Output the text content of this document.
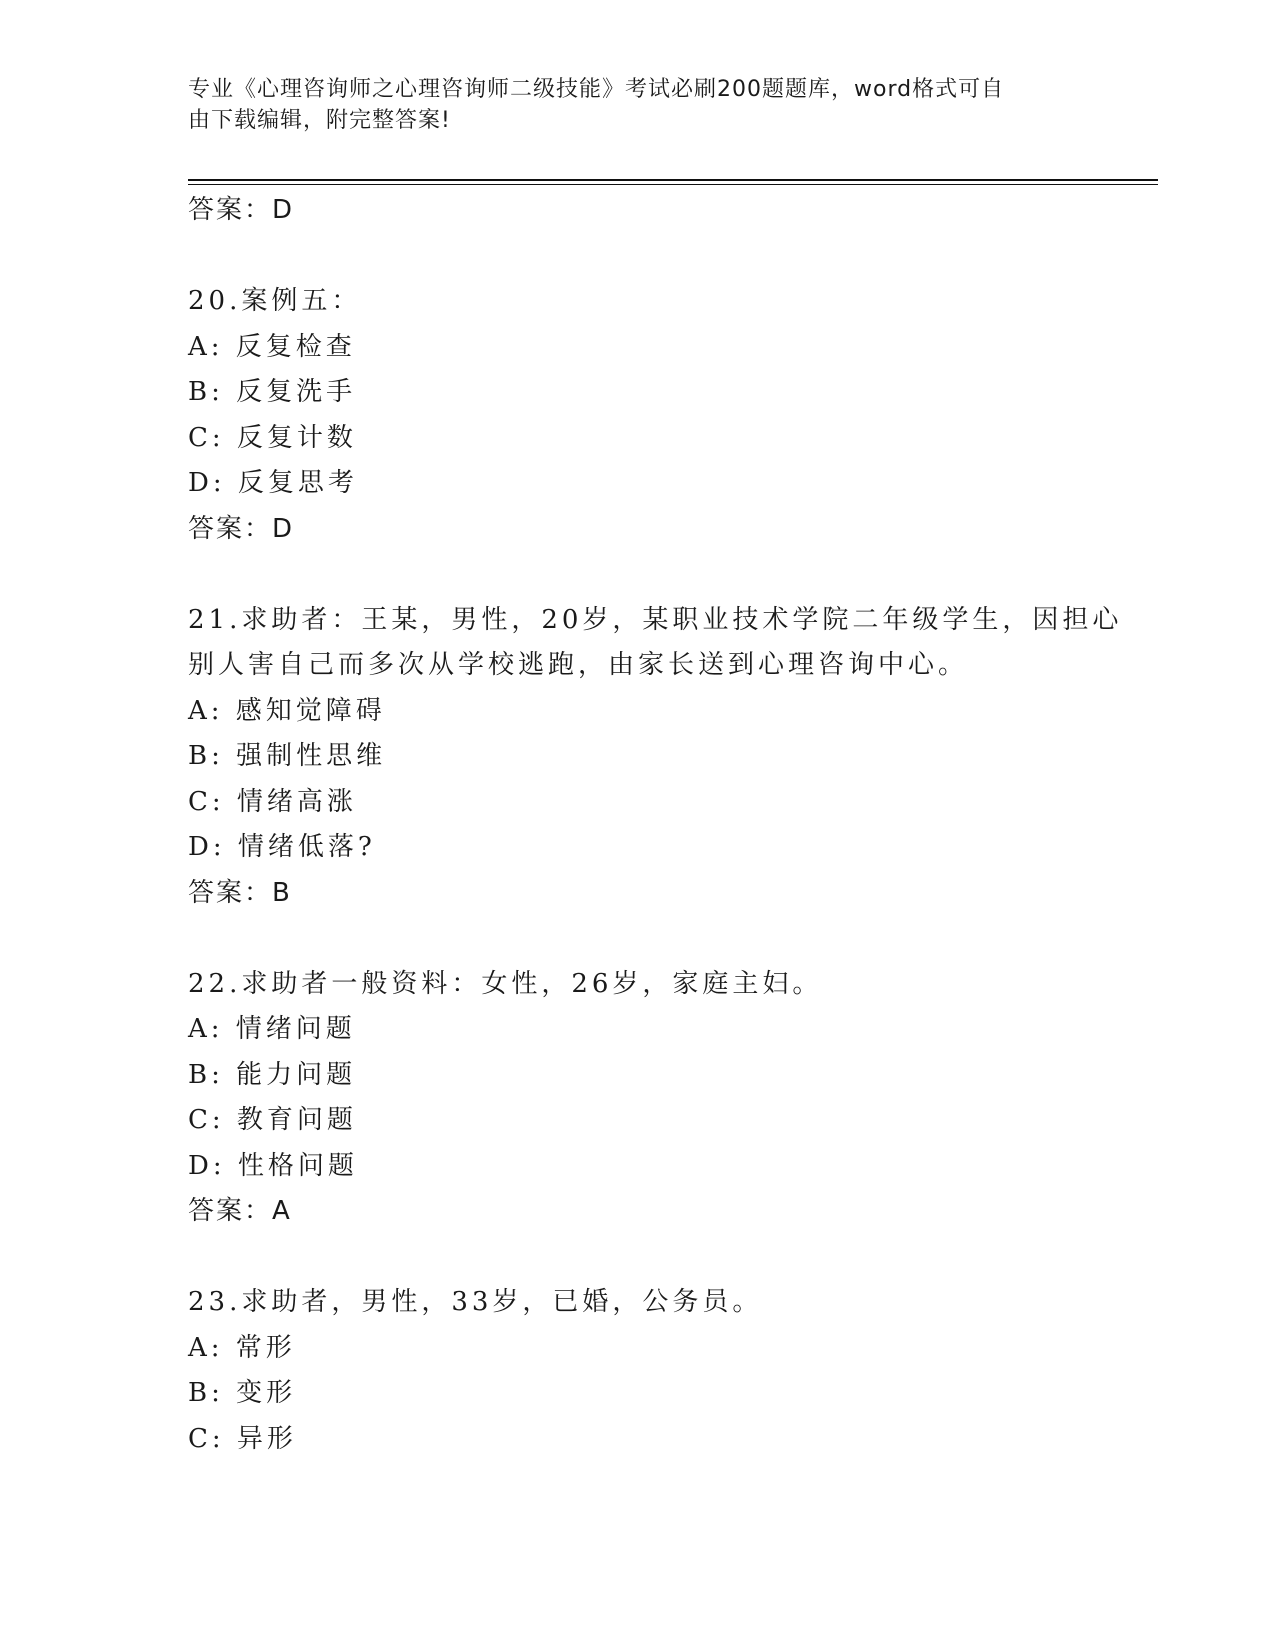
专业《心理咨询师之心理咨询师二级技能》考试必刷200题题库，word格式可自
由下载编辑，附完整答案!
答案：D
20.案例五：
A: 反复检查
B: 反复洗手
C: 反复计数
D: 反复思考
答案：D
21.求助者：王某，男性，20岁，某职业技术学院二年级学生，因担心
别人害自己而多次从学校逃跑，由家长送到心理咨询中心。
A: 感知觉障碍
B: 强制性思维
C: 情绪高涨
D: 情绪低落?
答案：B
22.求助者一般资料：女性，26岁，家庭主妇。
A: 情绪问题
B: 能力问题
C: 教育问题
D: 性格问题
答案：A
23.求助者，男性，33岁，已婚，公务员。
A: 常形
B: 变形
C: 异形
